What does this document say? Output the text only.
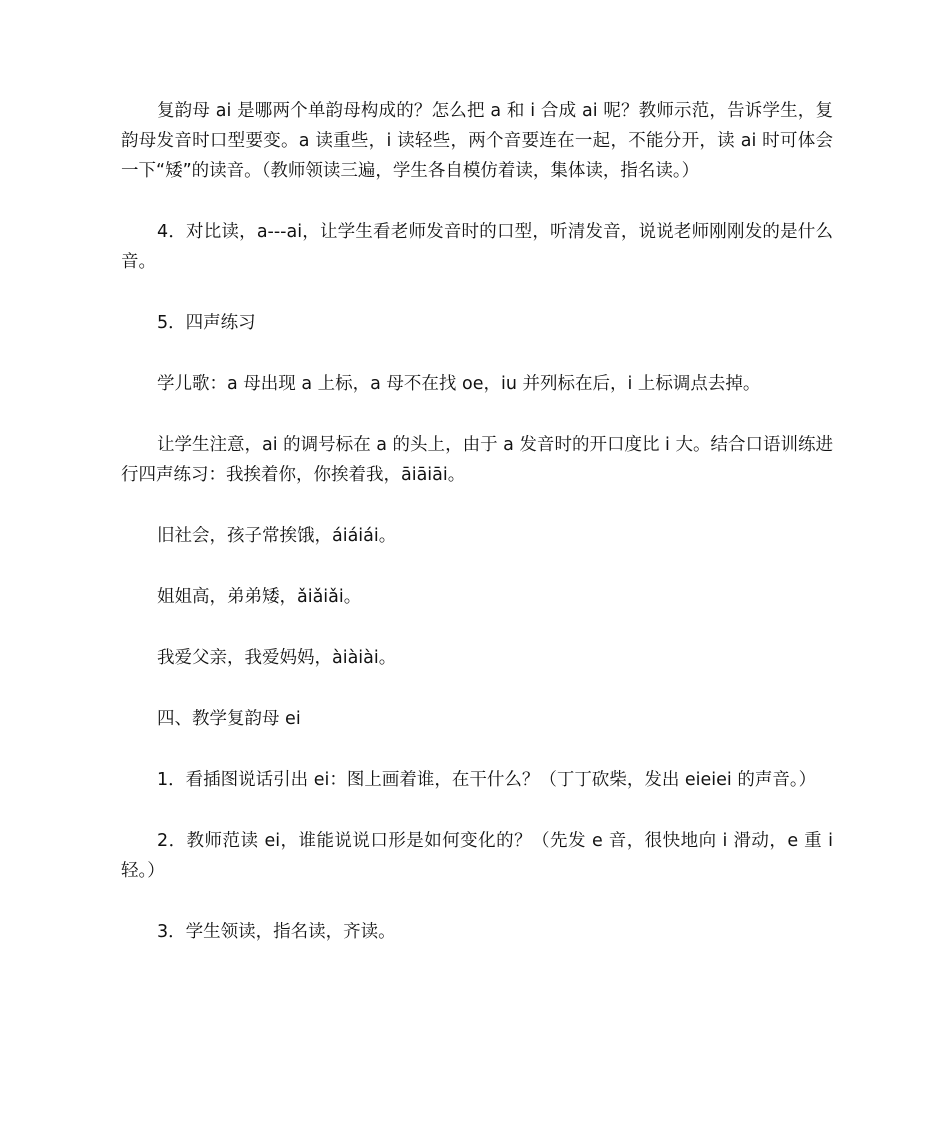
复韵母 ai 是哪两个单韵母构成的？怎么把 a 和 i 合成 ai 呢？教师示范，告诉学生，复韵母发音时口型要变。a 读重些，i 读轻些，两个音要连在一起，不能分开，读 ai 时可体会一下“矮”的读音。（教师领读三遍，学生各自模仿着读，集体读，指名读。）

4．对比读，a---ai，让学生看老师发音时的口型，听清发音，说说老师刚刚发的是什么音。

5．四声练习

学儿歌：a 母出现 a 上标，a 母不在找 oe，iu 并列标在后，i 上标调点去掉。

让学生注意，ai 的调号标在 a 的头上，由于 a 发音时的开口度比 i 大。结合口语训练进行四声练习：我挨着你，你挨着我，āiāiāi。

旧社会，孩子常挨饿，áiáiái。

姐姐高，弟弟矮，ǎiǎiǎi。

我爱父亲，我爱妈妈，àiàiài。

四、教学复韵母 ei

1．看插图说话引出 ei：图上画着谁，在干什么？（丁丁砍柴，发出 eieiei 的声音。）

2．教师范读 ei，谁能说说口形是如何变化的？（先发 e 音，很快地向 i 滑动，e 重 i 轻。）

3．学生领读，指名读，齐读。
